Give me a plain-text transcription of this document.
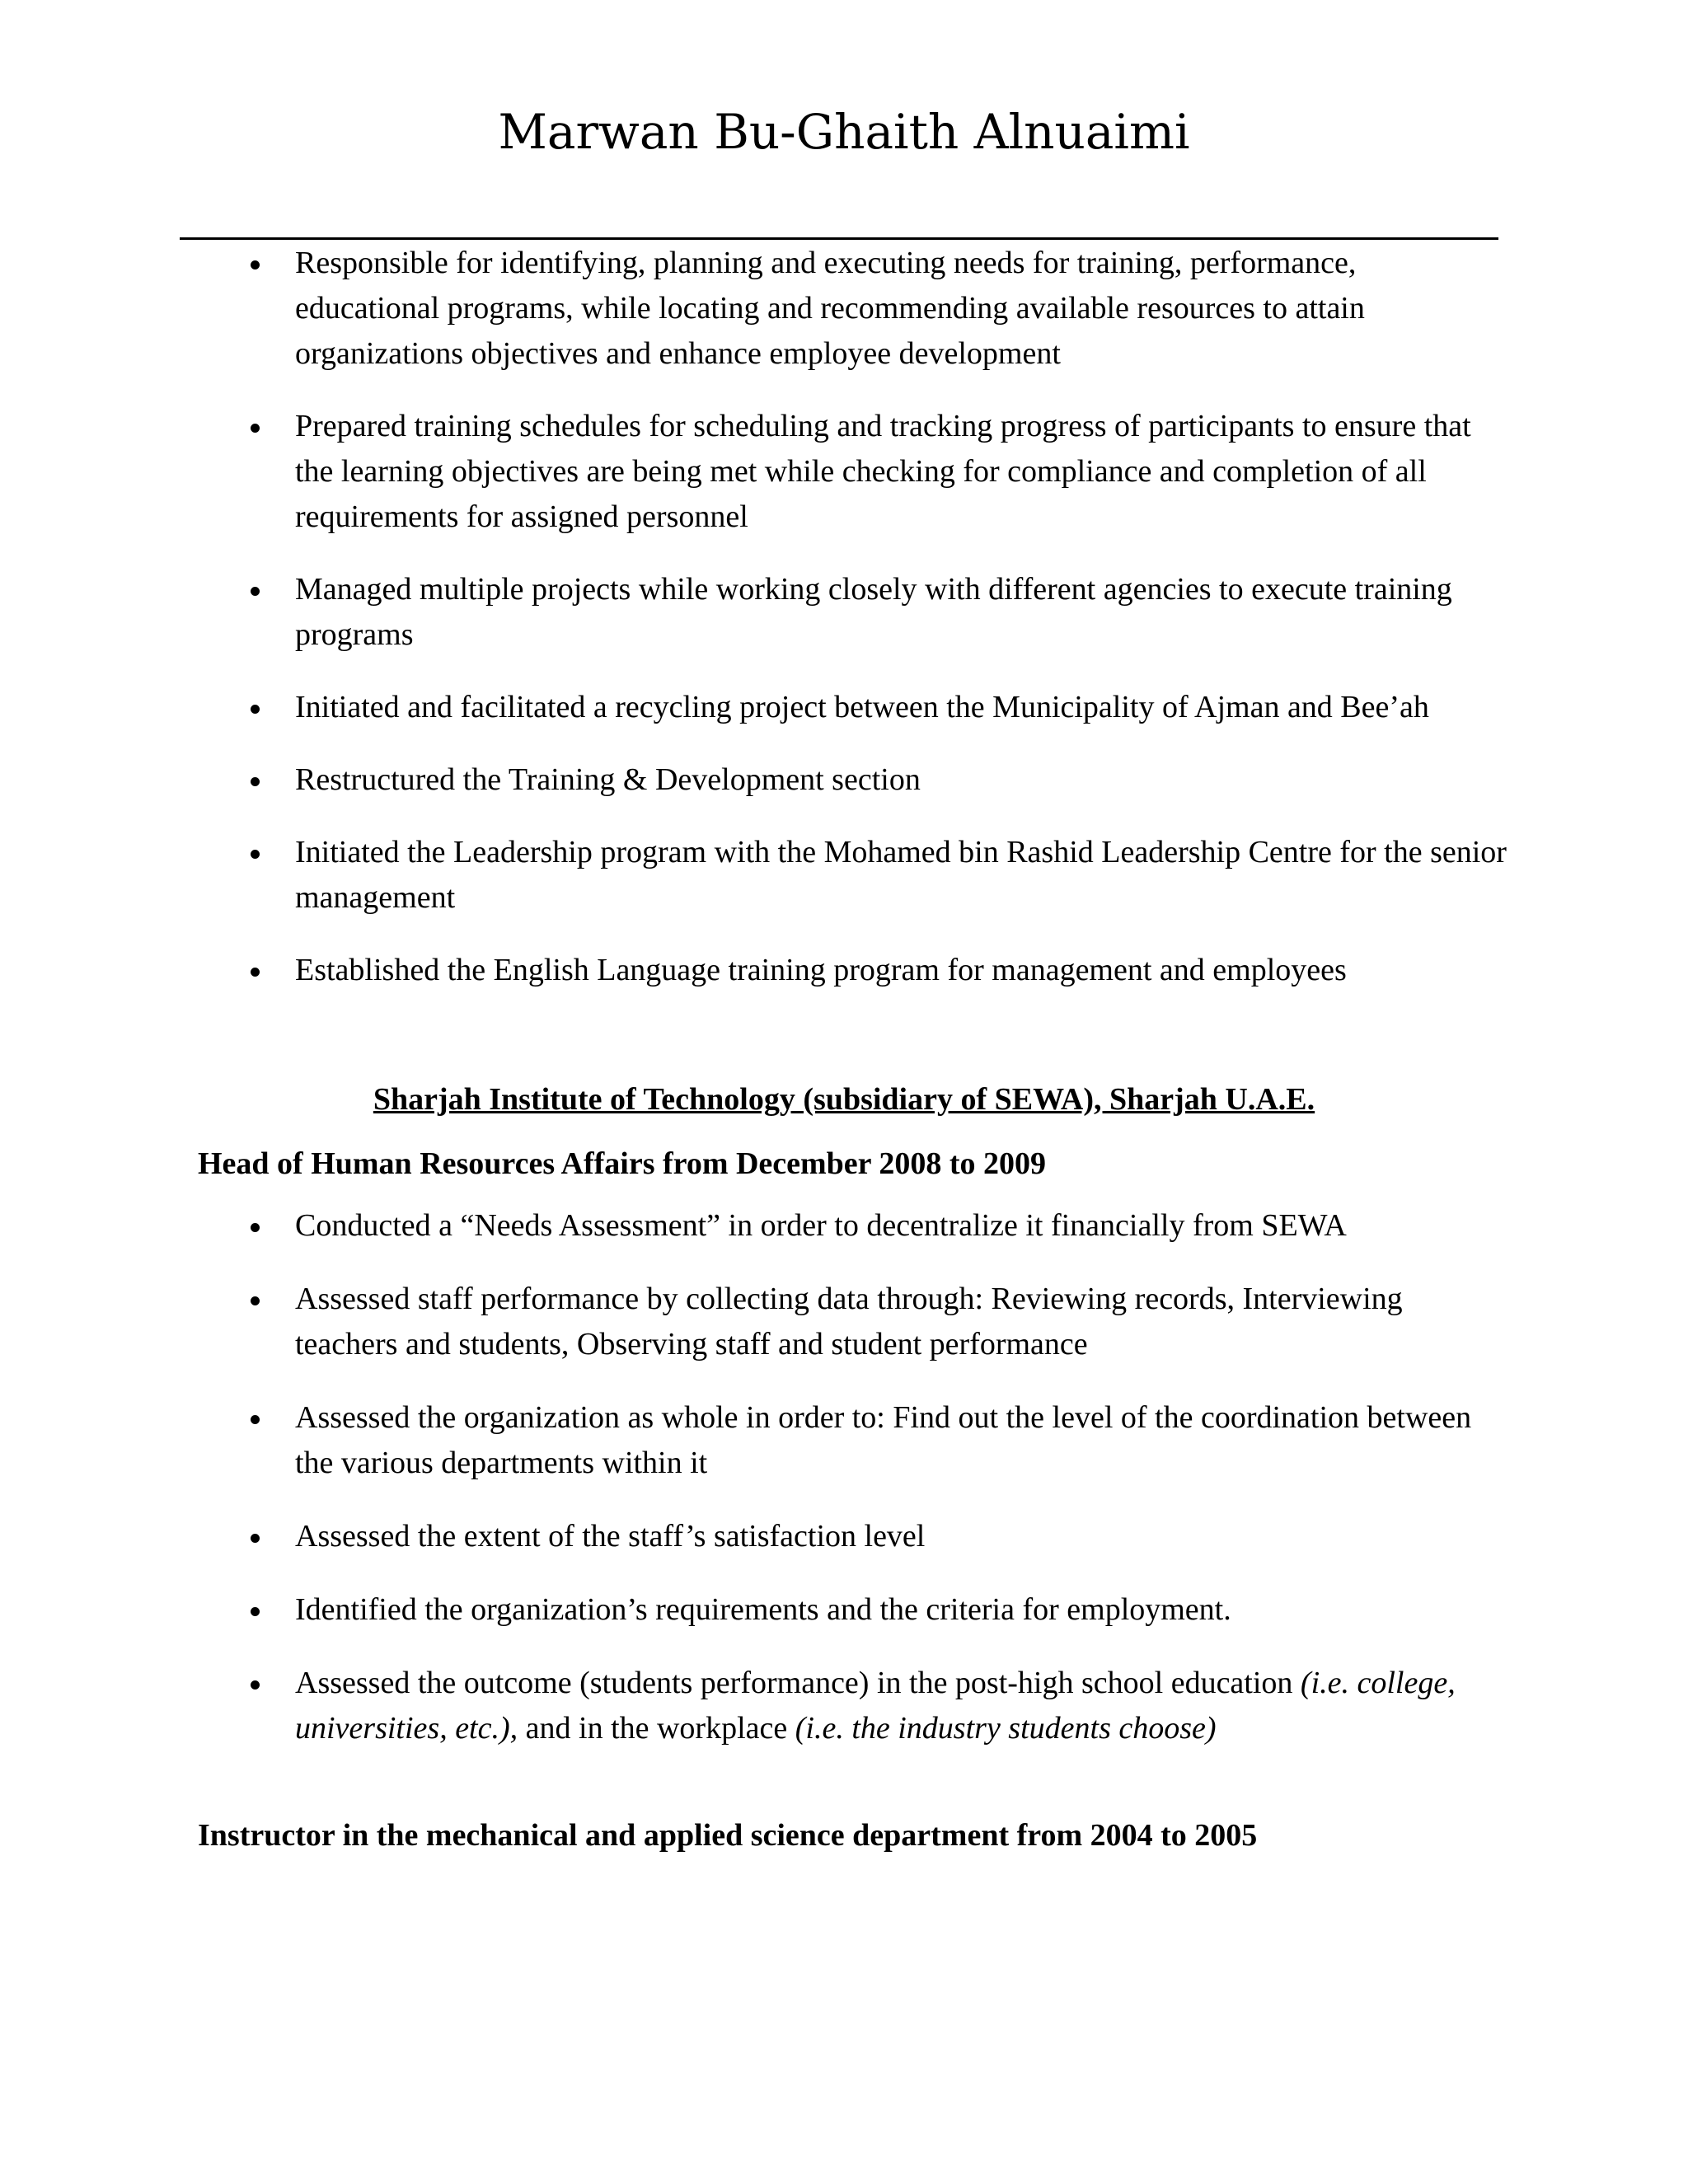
Marwan Bu-Ghaith Alnuaimi
Responsible for identifying, planning and executing needs for training, performance, educational programs, while locating and recommending available resources to attain organizations objectives and enhance employee development
Prepared training schedules for scheduling and tracking progress of participants to ensure that the learning objectives are being met while checking for compliance and completion of all requirements for assigned personnel
Managed multiple projects while working closely with different agencies to execute training programs
Initiated and facilitated a recycling project between the Municipality of Ajman and Bee’ah
Restructured the Training & Development section
Initiated the Leadership program with the Mohamed bin Rashid Leadership Centre for the senior management
Established the English Language training program for management and employees
Sharjah Institute of Technology (subsidiary of SEWA), Sharjah U.A.E.
Head of Human Resources Affairs from December 2008 to 2009
Conducted a “Needs Assessment” in order to decentralize it financially from SEWA
Assessed staff performance by collecting data through: Reviewing records, Interviewing teachers and students, Observing staff and student performance
Assessed the organization as whole in order to: Find out the level of the coordination between the various departments within it
Assessed the extent of the staff’s satisfaction level
Identified the organization’s requirements and the criteria for employment.
Assessed the outcome (students performance) in the post-high school education (i.e. college, universities, etc.), and in the workplace (i.e. the industry students choose)
Instructor in the mechanical and applied science department from 2004 to 2005
